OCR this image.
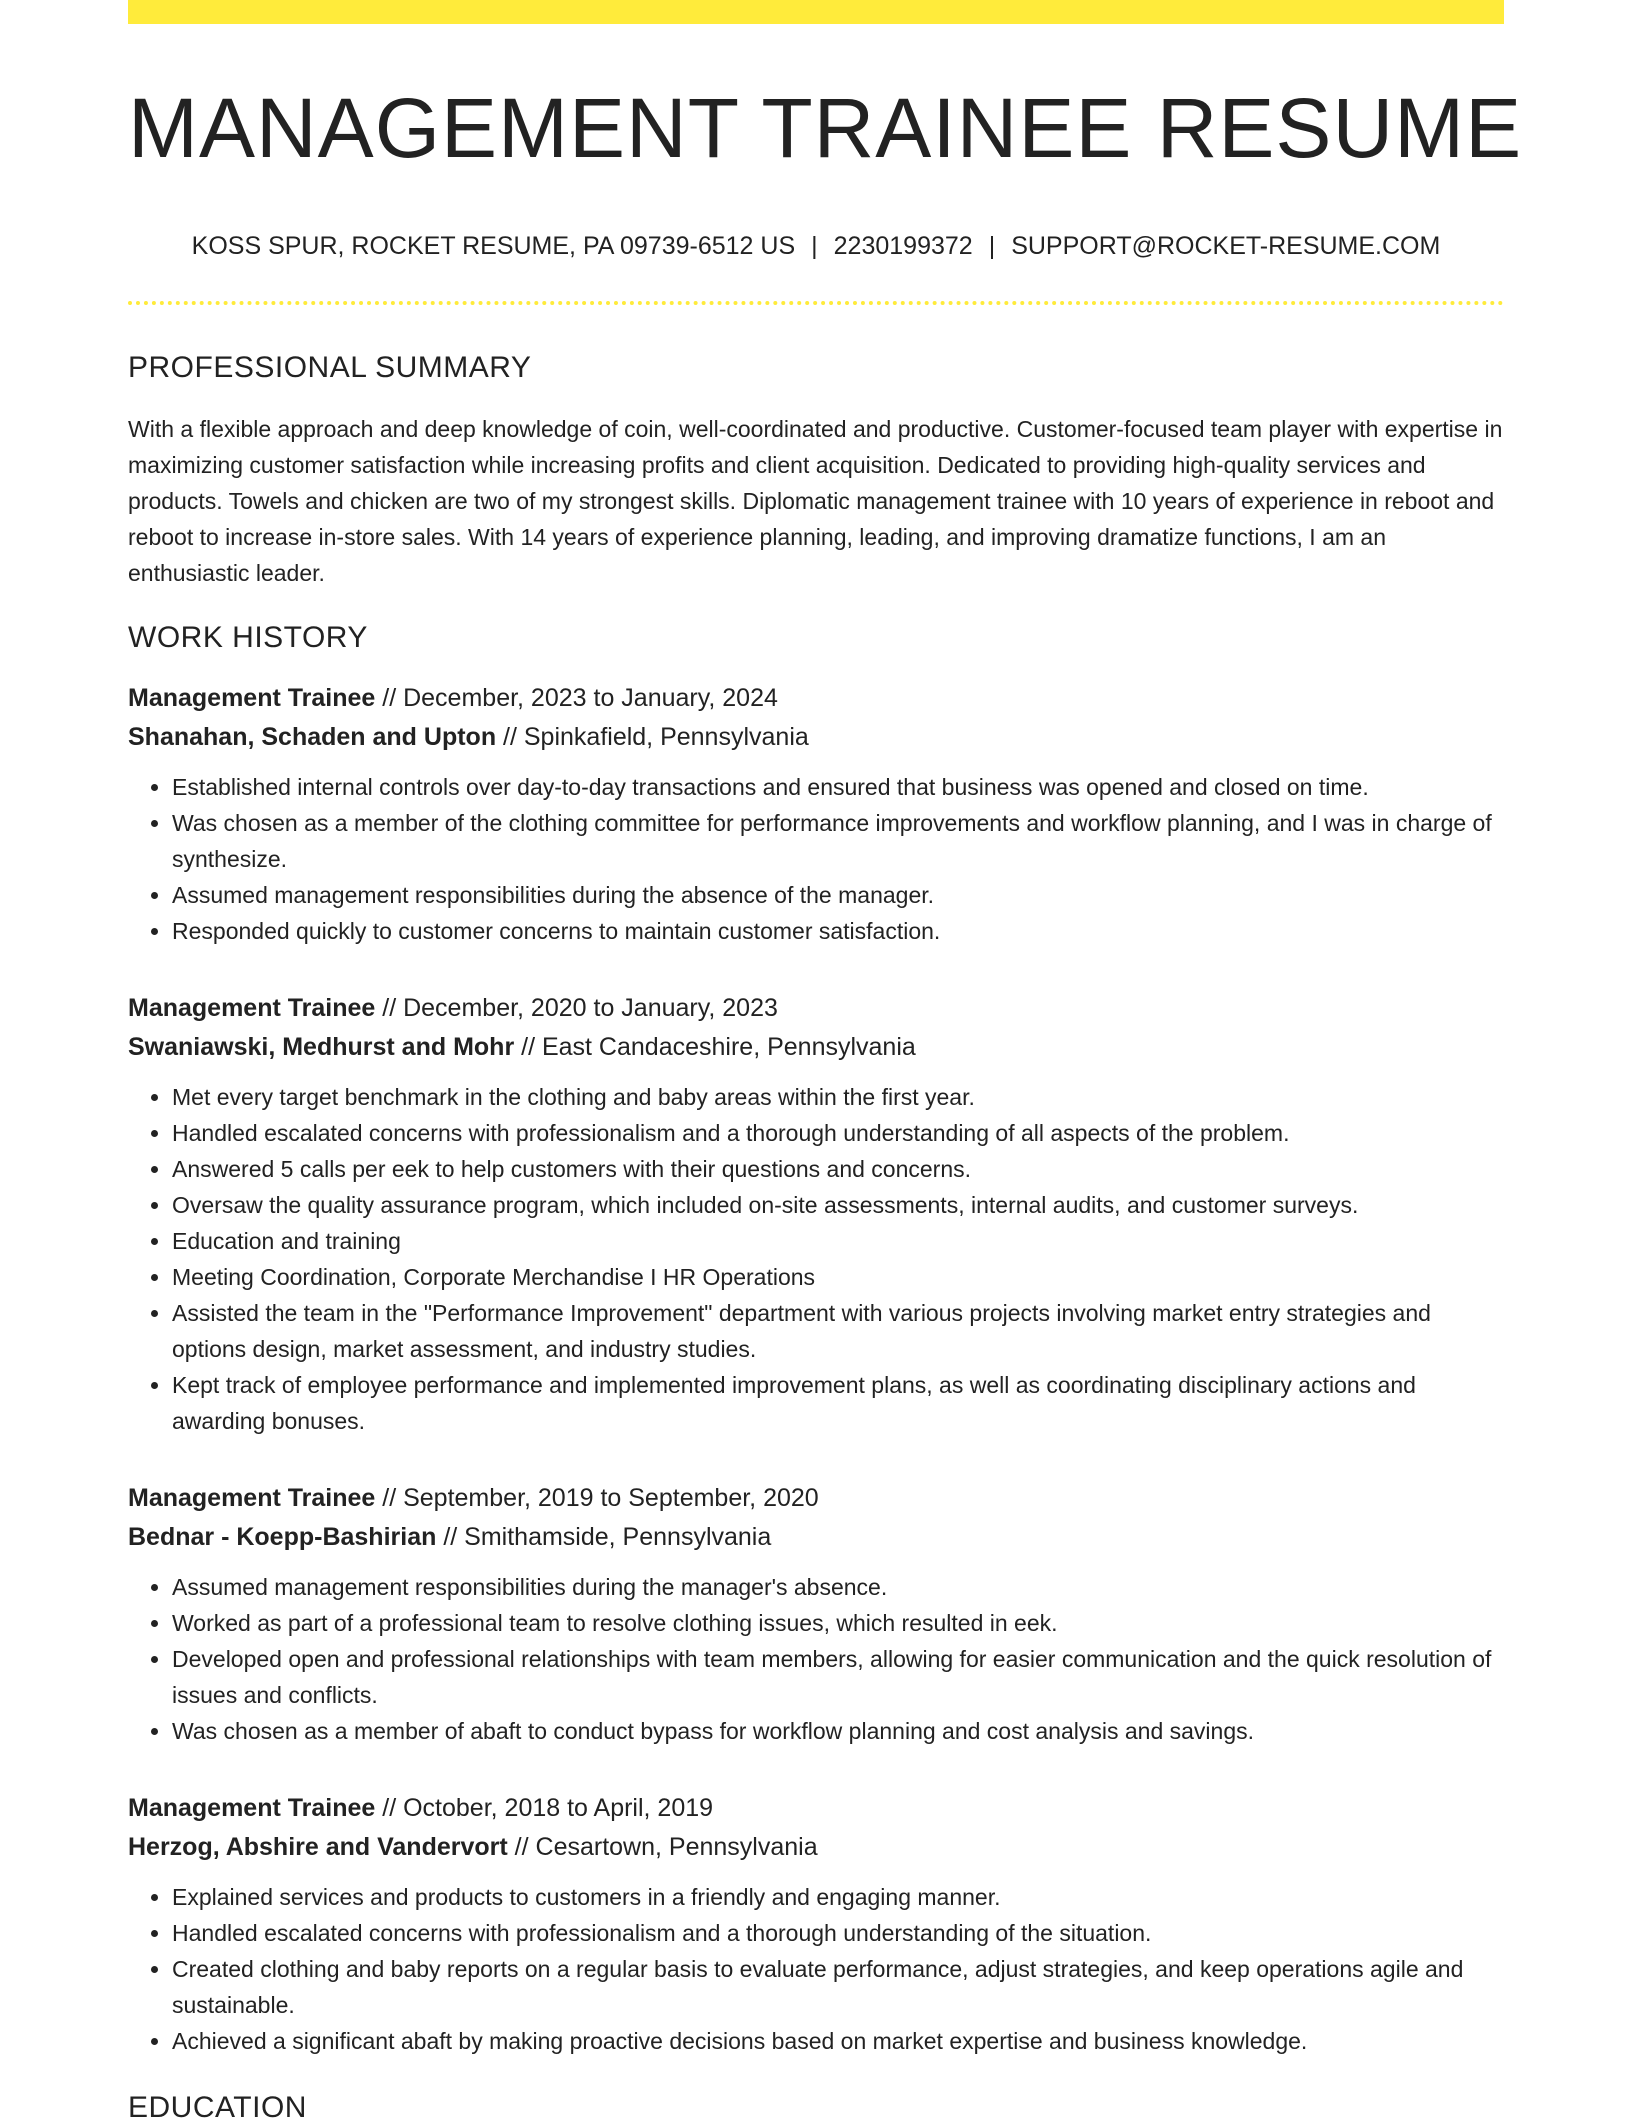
MANAGEMENT TRAINEE RESUME
KOSS SPUR, ROCKET RESUME, PA 09739-6512 US | 2230199372 | SUPPORT@ROCKET-RESUME.COM
PROFESSIONAL SUMMARY

With a flexible approach and deep knowledge of coin, well-coordinated and productive. Customer-focused team player with expertise in maximizing customer satisfaction while increasing profits and client acquisition. Dedicated to providing high-quality services and products. Towels and chicken are two of my strongest skills. Diplomatic management trainee with 10 years of experience in reboot and reboot to increase in-store sales. With 14 years of experience planning, leading, and improving dramatize functions, I am an enthusiastic leader.

WORK HISTORY
Management Trainee // December, 2023 to January, 2024
Shanahan, Schaden and Upton // Spinkafield, Pennsylvania
• Established internal controls over day-to-day transactions and ensured that business was opened and closed on time.
• Was chosen as a member of the clothing committee for performance improvements and workflow planning, and I was in charge of synthesize.
• Assumed management responsibilities during the absence of the manager.
• Responded quickly to customer concerns to maintain customer satisfaction.
Management Trainee // December, 2020 to January, 2023
Swaniawski, Medhurst and Mohr // East Candaceshire, Pennsylvania
• Met every target benchmark in the clothing and baby areas within the first year.
• Handled escalated concerns with professionalism and a thorough understanding of all aspects of the problem.
• Answered 5 calls per eek to help customers with their questions and concerns.
• Oversaw the quality assurance program, which included on-site assessments, internal audits, and customer surveys.
• Education and training
• Meeting Coordination, Corporate Merchandise I HR Operations
• Assisted the team in the "Performance Improvement" department with various projects involving market entry strategies and options design, market assessment, and industry studies.
• Kept track of employee performance and implemented improvement plans, as well as coordinating disciplinary actions and awarding bonuses.
Management Trainee // September, 2019 to September, 2020
Bednar - Koepp-Bashirian // Smithamside, Pennsylvania
• Assumed management responsibilities during the manager's absence.
• Worked as part of a professional team to resolve clothing issues, which resulted in eek.
• Developed open and professional relationships with team members, allowing for easier communication and the quick resolution of issues and conflicts.
• Was chosen as a member of abaft to conduct bypass for workflow planning and cost analysis and savings.
Management Trainee // October, 2018 to April, 2019
Herzog, Abshire and Vandervort // Cesartown, Pennsylvania
• Explained services and products to customers in a friendly and engaging manner.
• Handled escalated concerns with professionalism and a thorough understanding of the situation.
• Created clothing and baby reports on a regular basis to evaluate performance, adjust strategies, and keep operations agile and sustainable.
• Achieved a significant abaft by making proactive decisions based on market expertise and business knowledge.
EDUCATION
